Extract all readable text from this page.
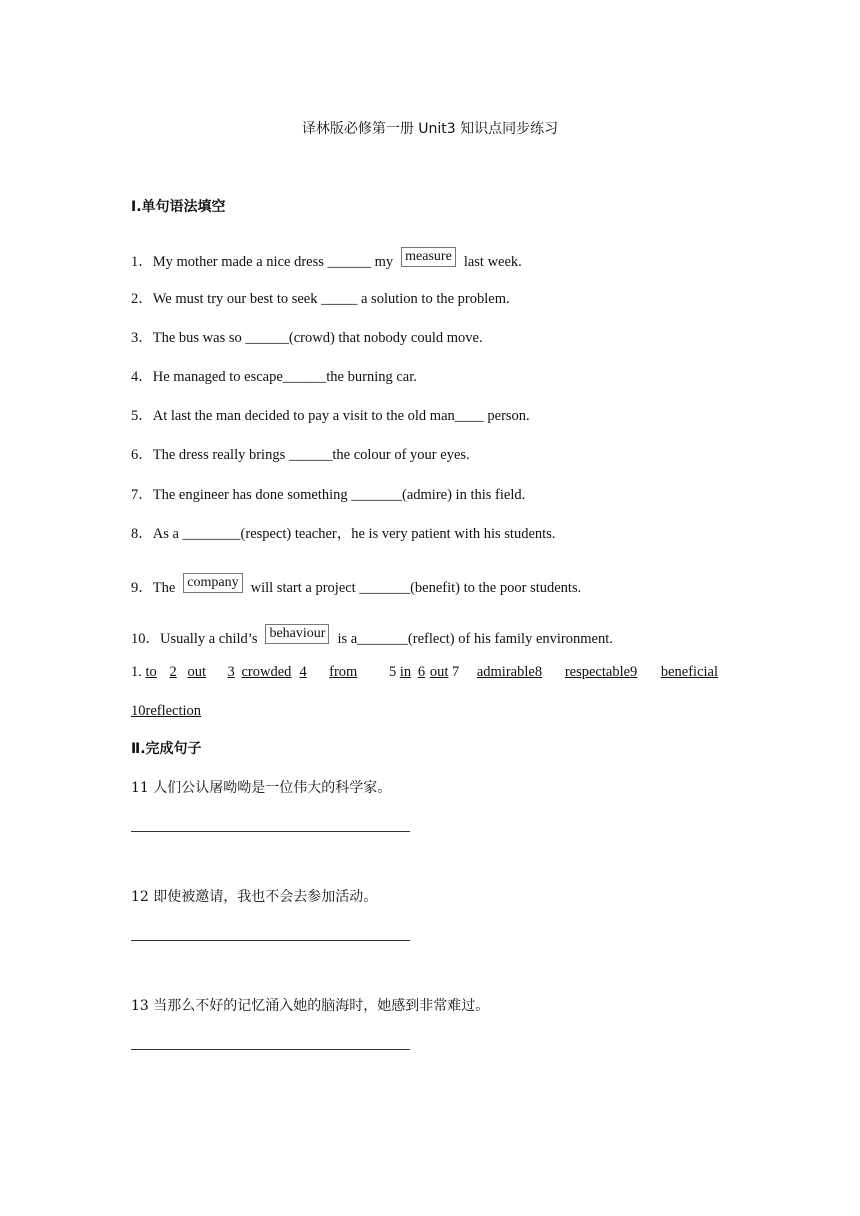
译林版必修第一册 Unit3 知识点同步练习
Ⅰ.单句语法填空
1．My mother made a nice dress ______ my measure last week.
2．We must try our best to seek _____ a solution to the problem.
3．The bus was so ______(crowd) that nobody could move.
4．He managed to escape______the burning car.
5．At last the man decided to pay a visit to the old man____ person.
6．The dress really brings ______the colour of your eyes.
7．The engineer has done something _______(admire) in this field.
8．As a ________(respect) teacher，he is very patient with his students.
9．The company will start a project _______(benefit) to the poor students.
10．Usually a child’s behaviour is a_______(reflect) of his family environment.
1. to 2 out 3 crowded 4 from 5 in 6 out 7 admirable8 respectable9 beneficial
10reflection
Ⅱ.完成句子
11 人们公认屠呦呦是一位伟大的科学家。
12 即使被邀请，我也不会去参加活动。
13 当那么不好的记忆涌入她的脑海时，她感到非常难过。
